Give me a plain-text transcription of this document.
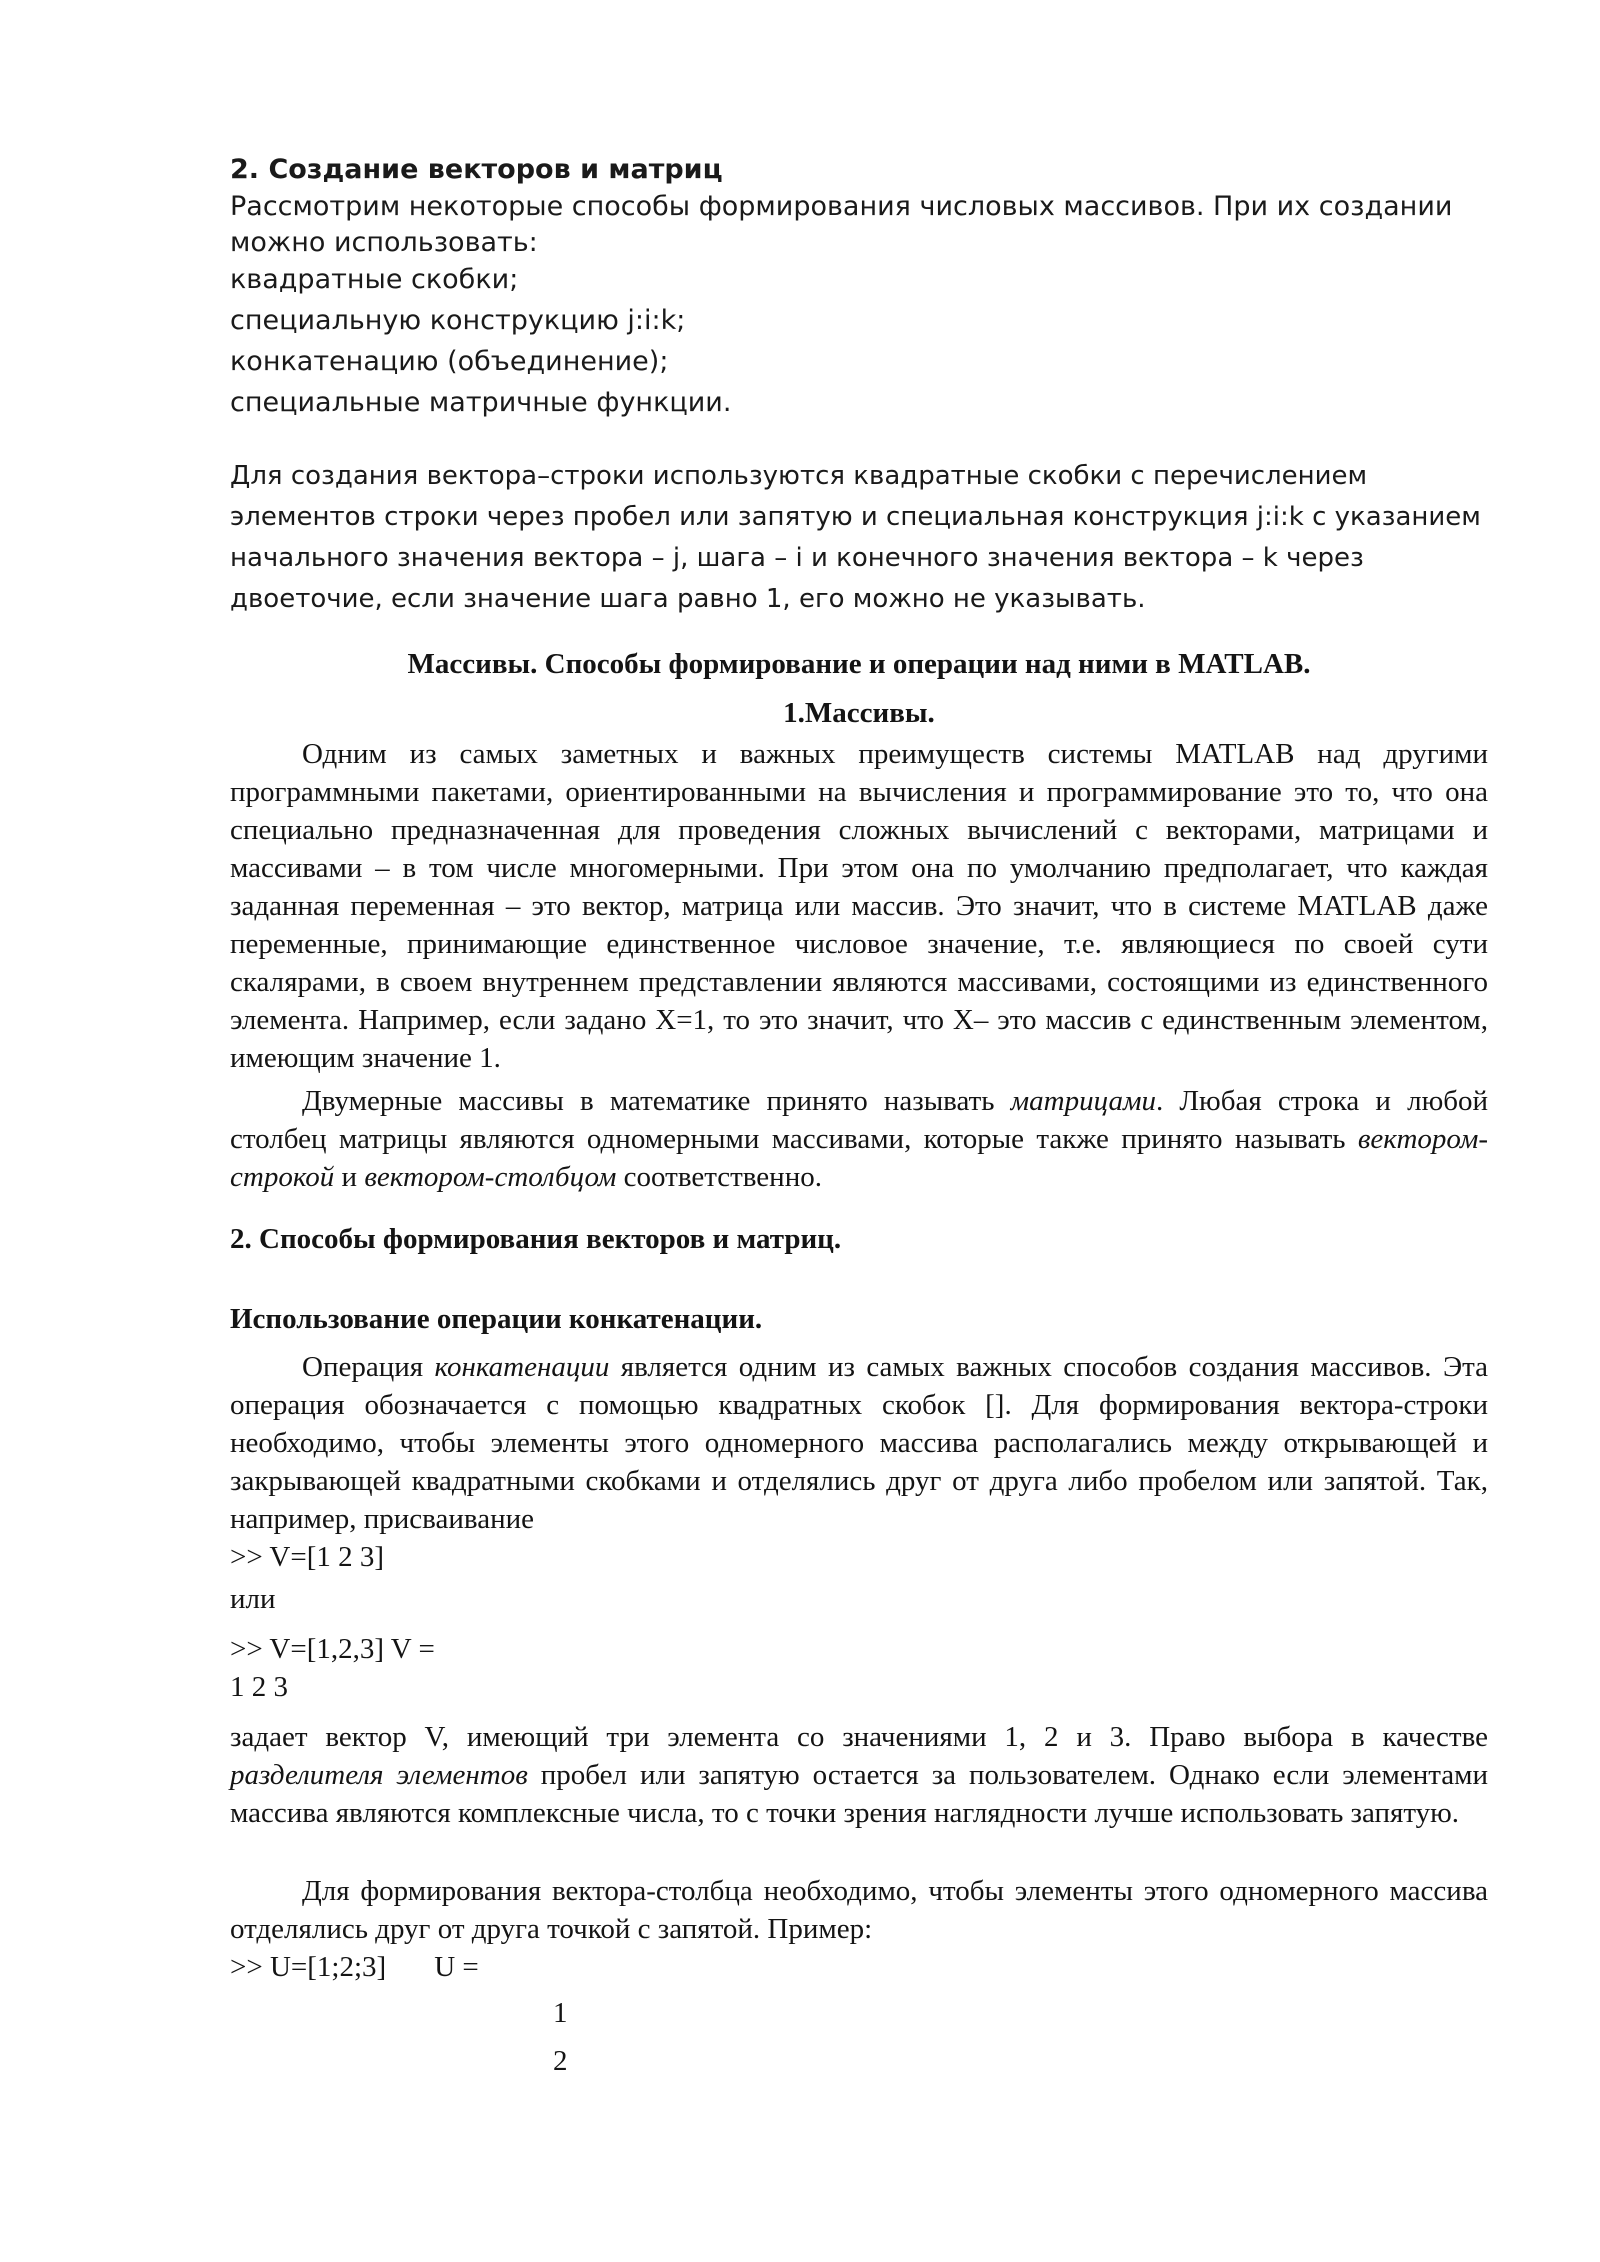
2. Создание векторов и матриц
Рассмотрим некоторые способы формирования числовых массивов. При их создании можно использовать:
квадратные скобки;
специальную конструкцию j:i:k;
конкатенацию (объединение);
специальные матричные функции.
Для создания вектора–строки используются квадратные скобки с перечислением элементов строки через пробел или запятую и специальная конструкция j:i:k с указанием начального значения вектора – j, шага – i и конечного значения вектора – k через двоеточие, если значение шага равно 1, его можно не указывать.
Массивы. Способы формирование и операции над ними в MATLAB.
1.Массивы.
Одним из самых заметных и важных преимуществ системы MATLAB над другими программными пакетами, ориентированными на вычисления и программирование это то, что она специально предназначенная для проведения сложных вычислений с векторами, матрицами и массивами – в том числе многомерными. При этом она по умолчанию предполагает, что каждая заданная переменная – это вектор, матрица или массив. Это значит, что в системе MATLAB даже переменные, принимающие единственное числовое значение, т.е. являющиеся по своей сути скалярами, в своем внутреннем представлении являются массивами, состоящими из единственного элемента. Например, если задано X=1, то это значит, что X– это массив с единственным элементом, имеющим значение 1.
Двумерные массивы в математике принято называть матрицами. Любая строка и любой столбец матрицы являются одномерными массивами, которые также принято называть вектором-строкой и вектором-столбцом соответственно.
2. Способы формирования векторов и матриц.
Использование операции конкатенации.
Операция конкатенации является одним из самых важных способов создания массивов. Эта операция обозначается с помощью квадратных скобок []. Для формирования вектора-строки необходимо, чтобы элементы этого одномерного массива располагались между открывающей и закрывающей квадратными скобками и отделялись друг от друга либо пробелом или запятой. Так, например, присваивание
>> V=[1 2 3]
или
>> V=[1,2,3] V =
1 2 3
задает вектор V, имеющий три элемента со значениями 1, 2 и 3. Право выбора в качестве разделителя элементов пробел или запятую остается за пользователем. Однако если элементами массива являются комплексные числа, то с точки зрения наглядности лучше использовать запятую.
Для формирования вектора-столбца необходимо, чтобы элементы этого одномерного массива отделялись друг от друга точкой с запятой. Пример:
>> U=[1;2;3] U =
1
2
